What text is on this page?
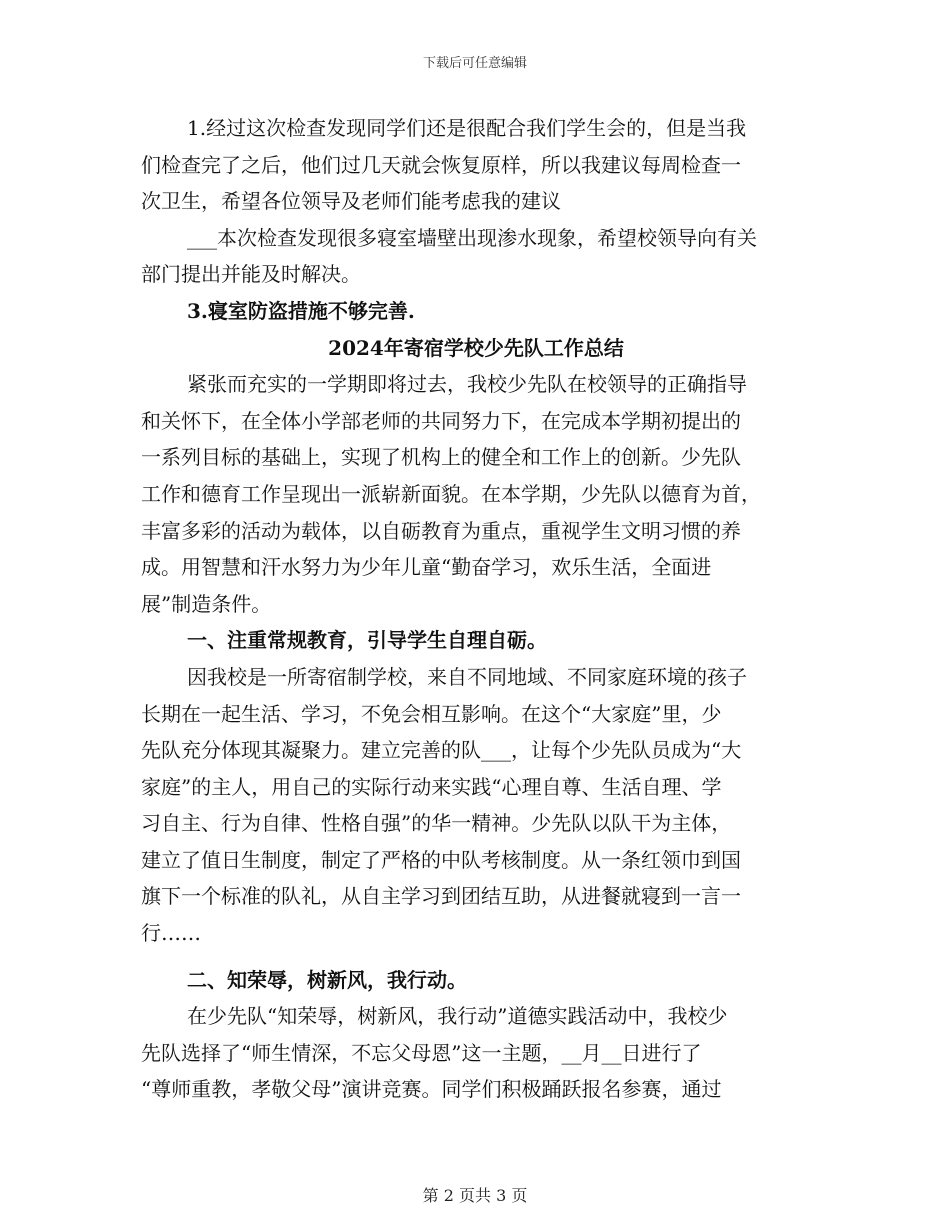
下载后可任意编辑
1.经过这次检查发现同学们还是很配合我们学生会的，但是当我
们检查完了之后，他们过几天就会恢复原样，所以我建议每周检查一
次卫生，希望各位领导及老师们能考虑我的建议
___本次检查发现很多寝室墙壁出现渗水现象，希望校领导向有关
部门提出并能及时解决。
3.寝室防盗措施不够完善.
2024年寄宿学校少先队工作总结
紧张而充实的一学期即将过去，我校少先队在校领导的正确指导
和关怀下，在全体小学部老师的共同努力下，在完成本学期初提出的
一系列目标的基础上，实现了机构上的健全和工作上的创新。少先队
工作和德育工作呈现出一派崭新面貌。在本学期，少先队以德育为首，
丰富多彩的活动为载体，以自砺教育为重点，重视学生文明习惯的养
成。用智慧和汗水努力为少年儿童“勤奋学习，欢乐生活，全面进
展”制造条件。
一、注重常规教育，引导学生自理自砺。
因我校是一所寄宿制学校，来自不同地域、不同家庭环境的孩子
长期在一起生活、学习，不免会相互影响。在这个“大家庭”里，少
先队充分体现其凝聚力。建立完善的队___，让每个少先队员成为“大
家庭”的主人，用自己的实际行动来实践“心理自尊、生活自理、学
习自主、行为自律、性格自强”的华一精神。少先队以队干为主体，
建立了值日生制度，制定了严格的中队考核制度。从一条红领巾到国
旗下一个标准的队礼，从自主学习到团结互助，从进餐就寝到一言一
行……
二、知荣辱，树新风，我行动。
在少先队“知荣辱，树新风，我行动”道德实践活动中，我校少
先队选择了“师生情深，不忘父母恩”这一主题，__月__日进行了
“尊师重教，孝敬父母”演讲竞赛。同学们积极踊跃报名参赛，通过
第 2 页共 3 页
